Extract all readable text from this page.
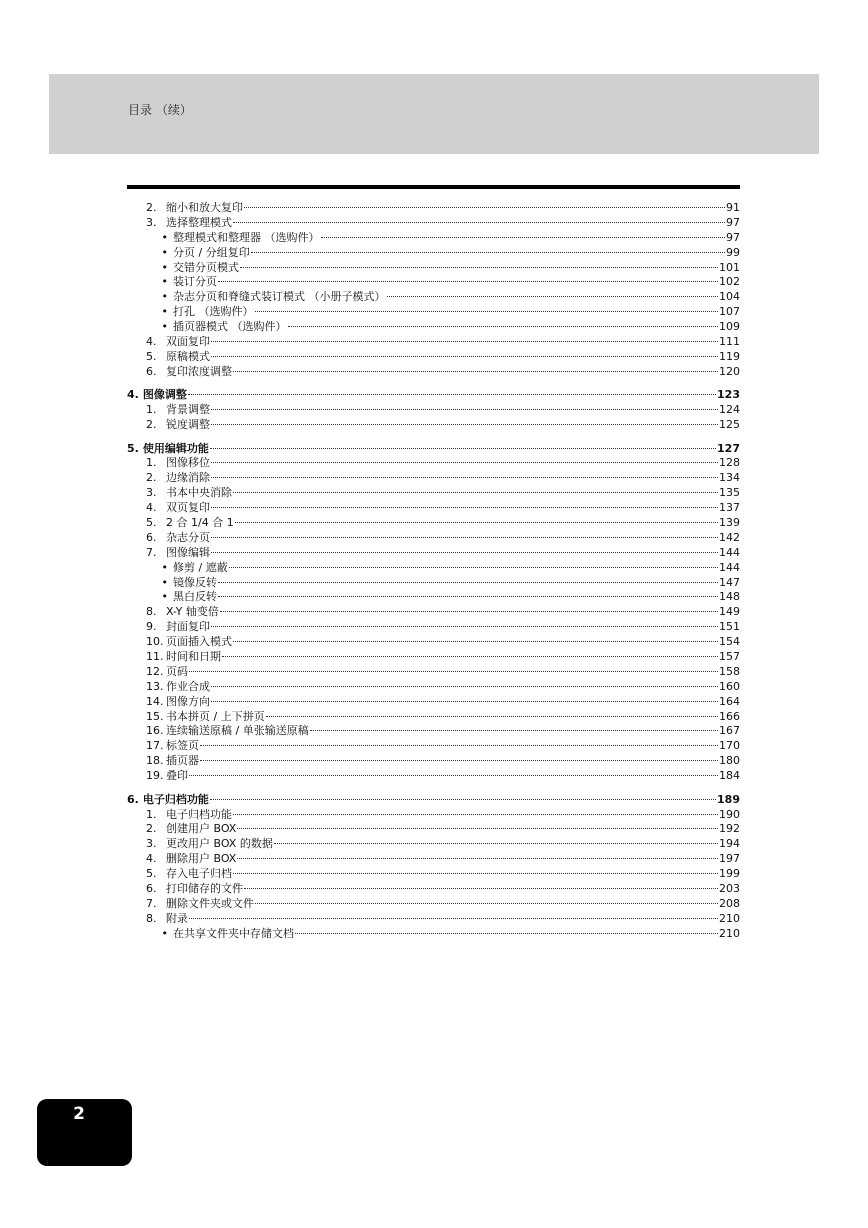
目录 （续）
2. 缩小和放大复印	91
3. 选择整理模式	97
• 整理模式和整理器 （选购件）	97
• 分页 / 分组复印	99
• 交错分页模式	101
• 装订分页	102
• 杂志分页和脊缝式装订模式 （小册子模式）	104
• 打孔 （选购件）	107
• 插页器模式 （选购件）	109
4. 双面复印	111
5. 原稿模式	119
6. 复印浓度调整	120
4. 图像调整	123
1. 背景调整	124
2. 锐度调整	125
5. 使用编辑功能	127
1. 图像移位	128
2. 边缘消除	134
3. 书本中央消除	135
4. 双页复印	137
5. 2 合 1/4 合 1	139
6. 杂志分页	142
7. 图像编辑	144
• 修剪 / 遮蔽	144
• 镜像反转	147
• 黑白反转	148
8. X-Y 轴变倍	149
9. 封面复印	151
10. 页面插入模式	154
11. 时间和日期	157
12. 页码	158
13. 作业合成	160
14. 图像方向	164
15. 书本拼页 / 上下拼页	166
16. 连续输送原稿 / 单张输送原稿	167
17. 标签页	170
18. 插页器	180
19. 叠印	184
6. 电子归档功能	189
1. 电子归档功能	190
2. 创建用户 BOX	192
3. 更改用户 BOX 的数据	194
4. 删除用户 BOX	197
5. 存入电子归档	199
6. 打印储存的文件	203
7. 删除文件夹或文件	208
8. 附录	210
• 在共享文件夹中存储文档	210
2
